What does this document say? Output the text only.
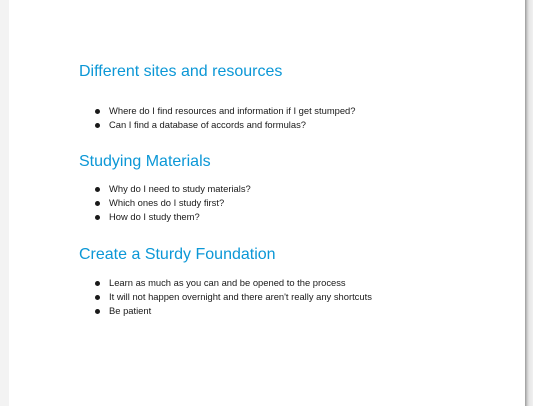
Different sites and resources
Where do I find resources and information if I get stumped?
Can I find a database of accords and formulas?
Studying Materials
Why do I need to study materials?
Which ones do I study first?
How do I study them?
Create a Sturdy Foundation
Learn as much as you can and be opened to the process
It will not happen overnight and there aren't really any shortcuts
Be patient
